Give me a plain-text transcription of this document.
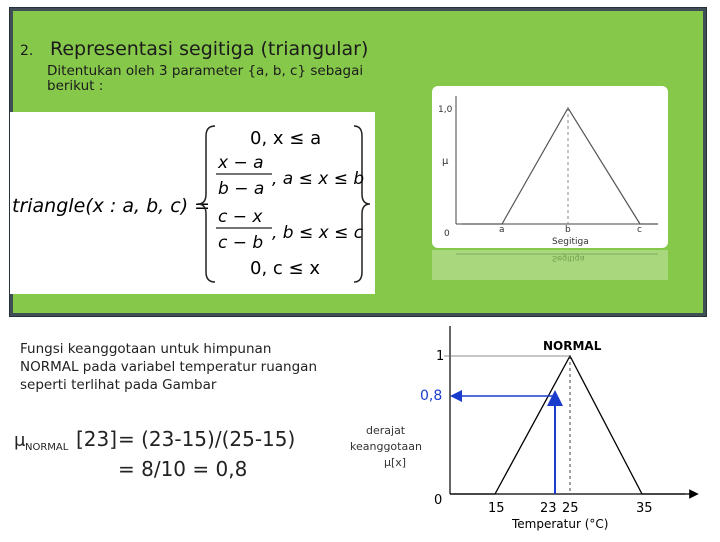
2. Representasi segitiga (triangular)
Ditentukan oleh 3 parameter {a, b, c} sebagai berikut :
triangle(x : a, b, c) =
0, x ≤ a
x − a
b − a , a ≤ x ≤ b
c − x
c − b , b ≤ x ≤ c
0, c ≤ x
1,0
μ
0	a	b	c
Segitiga
Segitiga
Fungsi keanggotaan untuk himpunan NORMAL pada variabel temperatur ruangan seperti terlihat pada Gambar
μ NORMAL [23] = (23-15)/(25-15)
= 8/10 = 0,8
NORMAL
1
0,8
0
derajat
keanggotaan
μ[x]
15	23 25	35
Temperatur (°C)
